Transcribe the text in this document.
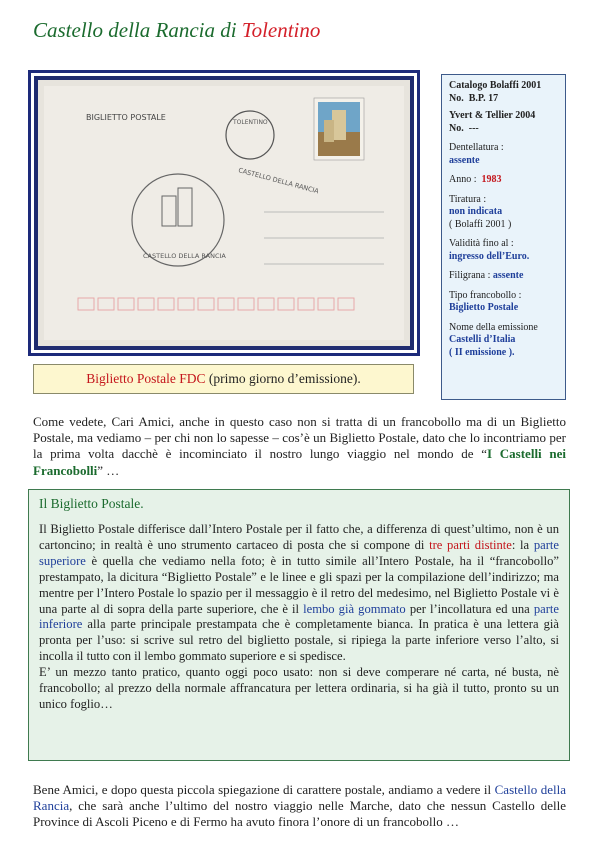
Castello della Rancia di Tolentino
BIGLIETTO POSTALE
TOLENTINO
CASTELLO DELLA RANCIA
CASTELLO DELLA RANCIA
Biglietto Postale FDC (primo giorno d’emissione).
Catalogo Bolaffi 2001
No. B.P. 17
Yvert & Tellier 2004
No. ---
Dentellatura :
assente
Anno : 1983
Tiratura :
non indicata
( Bolaffi 2001 )
Validità fino al :
ingresso dell’Euro.
Filigrana : assente
Tipo francobollo :
Biglietto Postale
Nome della emissione
Castelli d’Italia
( II emissione ).
Come vedete, Cari Amici, anche in questo caso non si tratta di un francobollo ma di un Biglietto Postale, ma vediamo – per chi non lo sapesse – cos’è un Biglietto Postale, dato che lo incontriamo per la prima volta dacchè è incominciato il nostro lungo viaggio nel mondo de “I Castelli nei Francobolli” …
Il Biglietto Postale.
Il Biglietto Postale differisce dall’Intero Postale per il fatto che, a differenza di quest’ultimo, non è un cartoncino; in realtà è uno strumento cartaceo di posta che si compone di tre parti distinte: la parte superiore è quella che vediamo nella foto; è in tutto simile all’Intero Postale, ha il “francobollo” prestampato, la dicitura “Biglietto Postale” e le linee e gli spazi per la compilazione dell’indirizzo; ma mentre per l’Intero Postale lo spazio per il messaggio è il retro del medesimo, nel Biglietto Postale vi è una parte al di sopra della parte superiore, che è il lembo già gommato per l’incollatura ed una parte inferiore alla parte principale prestampata che è completamente bianca. In pratica è una lettera già pronta per l’uso: si scrive sul retro del biglietto postale, si ripiega la parte inferiore verso l’alto, si incolla il tutto con il lembo gommato superiore e si spedisce.
E’ un mezzo tanto pratico, quanto oggi poco usato: non si deve comperare né carta, né busta, nè francobollo; al prezzo della normale affrancatura per lettera ordinaria, si ha già il tutto, pronto su un unico foglio…
Bene Amici, e dopo questa piccola spiegazione di carattere postale, andiamo a vedere il Castello della Rancia, che sarà anche l’ultimo del nostro viaggio nelle Marche, dato che nessun Castello delle Province di Ascoli Piceno e di Fermo ha avuto finora l’onore di un francobollo …
